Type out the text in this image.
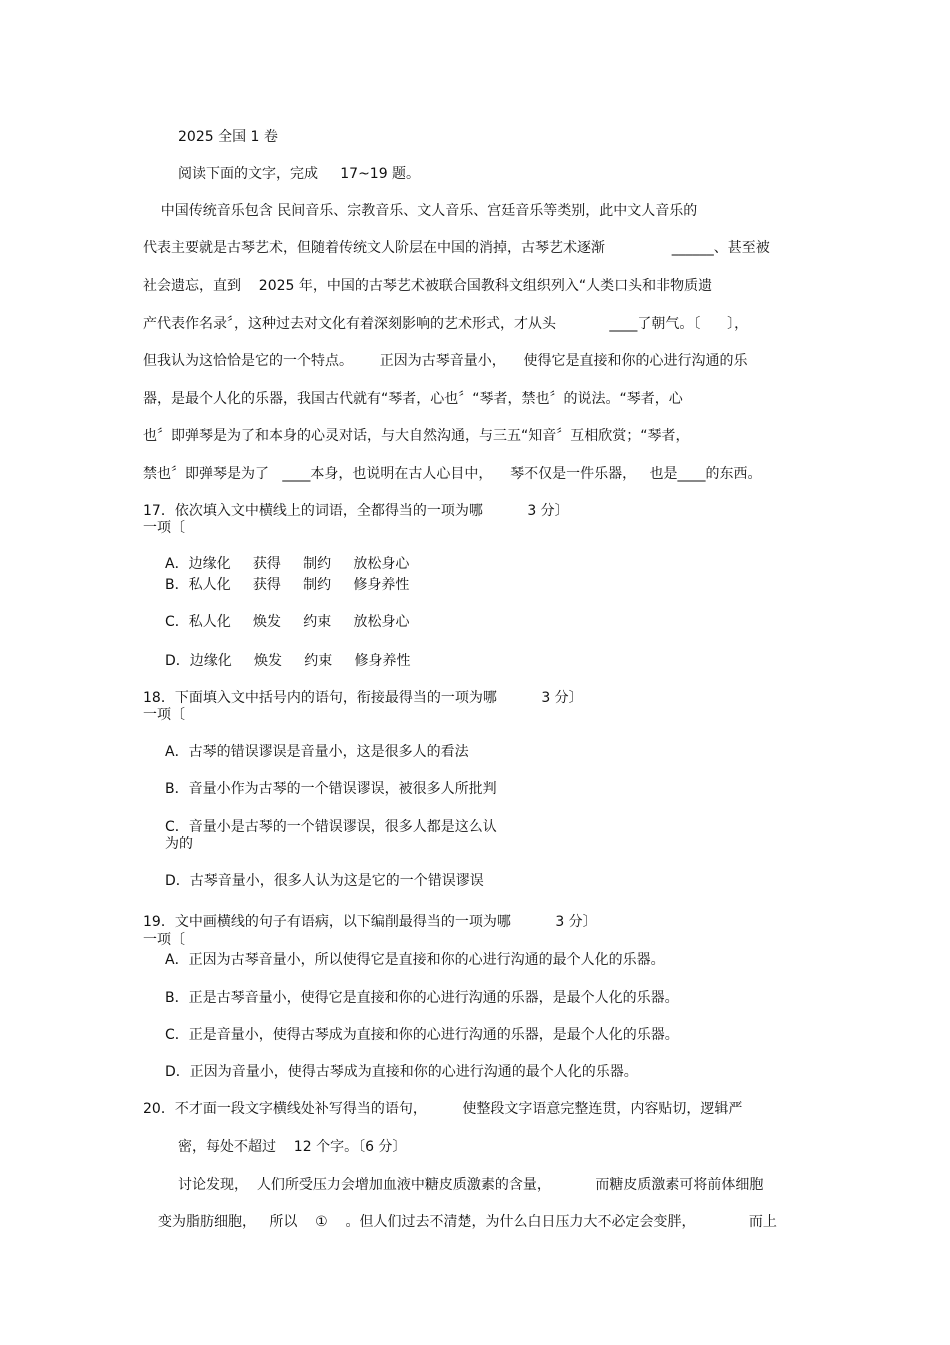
2025 全国 1 卷

阅读下面的文字，完成     17~19 题。

中国传统音乐包含 民间音乐、宗教音乐、文人音乐、宫廷音乐等类别，此中文人音乐的

代表主要就是古琴艺术，但随着传统文人阶层在中国的消掉，古琴艺术逐渐               ______、甚至被

社会遗忘，直到    2025 年，中国的古琴艺术被联合国教科文组织列入“人类口头和非物质遗

产代表作名录〞，这种过去对文化有着深刻影响的艺术形式，才从头            ____了朝气。〔      〕，

但我认为这恰恰是它的一个特点。      正因为古琴音量小，    使得它是直接和你的心进行沟通的乐

器，是最个人化的乐器，我国古代就有“琴者，心也〞“琴者，禁也〞的说法。“琴者，心

也〞即弹琴是为了和本身的心灵对话，与大自然沟通，与三五“知音〞互相欣赏；“琴者，

禁也〞即弹琴是为了   ____本身，也说明在古人心目中，    琴不仅是一件乐器，   也是____的东西。

17．依次填入文中横线上的词语，全都得当的一项为哪          3 分〕

一项〔

A．边缘化     获得     制约     放松身心

B．私人化     获得     制约     修身养性

C．私人化     焕发     约束     放松身心

D．边缘化     焕发     约束     修身养性

18．下面填入文中括号内的语句，衔接最得当的一项为哪          3 分〕

一项〔

A．古琴的错误谬误是音量小，这是很多人的看法

B．音量小作为古琴的一个错误谬误，被很多人所批判

C．音量小是古琴的一个错误谬误，很多人都是这么认

为的

D．古琴音量小，很多人认为这是它的一个错误谬误

19．文中画横线的句子有语病，以下编削最得当的一项为哪          3 分〕

一项〔

A．正因为古琴音量小，所以使得它是直接和你的心进行沟通的最个人化的乐器。

B．正是古琴音量小，使得它是直接和你的心进行沟通的乐器，是最个人化的乐器。

C．正是音量小，使得古琴成为直接和你的心进行沟通的乐器，是最个人化的乐器。

D．正因为音量小，使得古琴成为直接和你的心进行沟通的最个人化的乐器。

20．不才面一段文字横线处补写得当的语句，        使整段文字语意完整连贯，内容贴切，逻辑严

密，每处不超过    12 个字。〔6 分〕

讨论发现，  人们所受压力会增加血液中糖皮质激素的含量，          而糖皮质激素可将前体细胞

变为脂肪细胞，   所以    ①    。但人们过去不清楚，为什么白日压力大不必定会变胖，            而上
